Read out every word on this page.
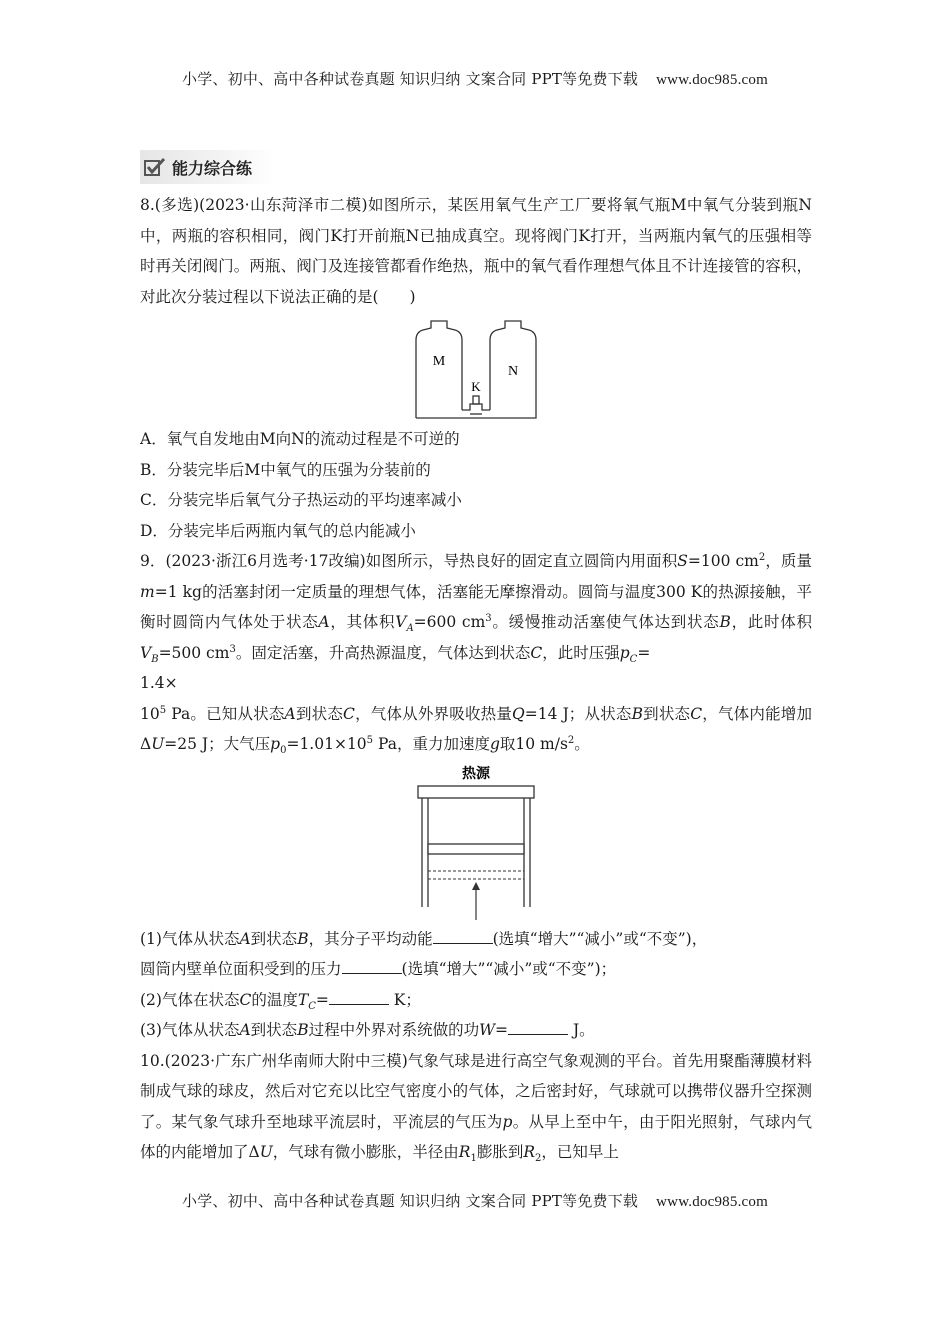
小学、初中、高中各种试卷真题 知识归纳 文案合同 PPT等免费下载 www.doc985.com
能力综合练

8.(多选)(2023·山东菏泽市二模)如图所示，某医用氧气生产工厂要将氧气瓶M中氧气分装到瓶N中，两瓶的容积相同，阀门K打开前瓶N已抽成真空。现将阀门K打开，当两瓶内氧气的压强相等时再关闭阀门。两瓶、阀门及连接管都看作绝热，瓶中的氧气看作理想气体且不计连接管的容积，对此次分装过程以下说法正确的是(　　)

M
K
N

A．氧气自发地由M向N的流动过程是不可逆的

B．分装完毕后M中氧气的压强为分装前的

C．分装完毕后氧气分子热运动的平均速率减小

D．分装完毕后两瓶内氧气的总内能减小

9．(2023·浙江6月选考·17改编)如图所示，导热良好的固定直立圆筒内用面积S=100 $cm^2$，质量m=1 kg的活塞封闭一定质量的理想气体，活塞能无摩擦滑动。圆筒与温度300 K的热源接触，平衡时圆筒内气体处于状态A，其体积$V_A=600$ $cm^3$。缓慢推动活塞使气体达到状态B，此时体积$V_B=500$ $cm^3$。固定活塞，升高热源温度，气体达到状态C，此时压强$p_C=$

1.4×

$10^5$ Pa。已知从状态A到状态C，气体从外界吸收热量Q=14 J；从状态B到状态C，气体内能增加ΔU=25 J；大气压$p_0=1.01\times 10^5$ Pa，重力加速度g取10 $m/s^2$。

热源

(1)气体从状态A到状态B，其分子平均动能	(选填“增大”“减小”或“不变”)，

圆筒内壁单位面积受到的压力	(选填“增大”“减小”或“不变”)；

(2)气体在状态C的温度$T_C=$	K；

(3)气体从状态A到状态B过程中外界对系统做的功W=	J。

10.(2023·广东广州华南师大附中三模)气象气球是进行高空气象观测的平台。首先用聚酯薄膜材料制成气球的球皮，然后对它充以比空气密度小的气体，之后密封好，气球就可以携带仪器升空探测了。某气象气球升至地球平流层时，平流层的气压为p。从早上至中午，由于阳光照射，气球内气体的内能增加了ΔU，气球有微小膨胀，半径由$R_1$膨胀到$R_2$，已知早上

小学、初中、高中各种试卷真题 知识归纳 文案合同 PPT等免费下载 www.doc985.com
